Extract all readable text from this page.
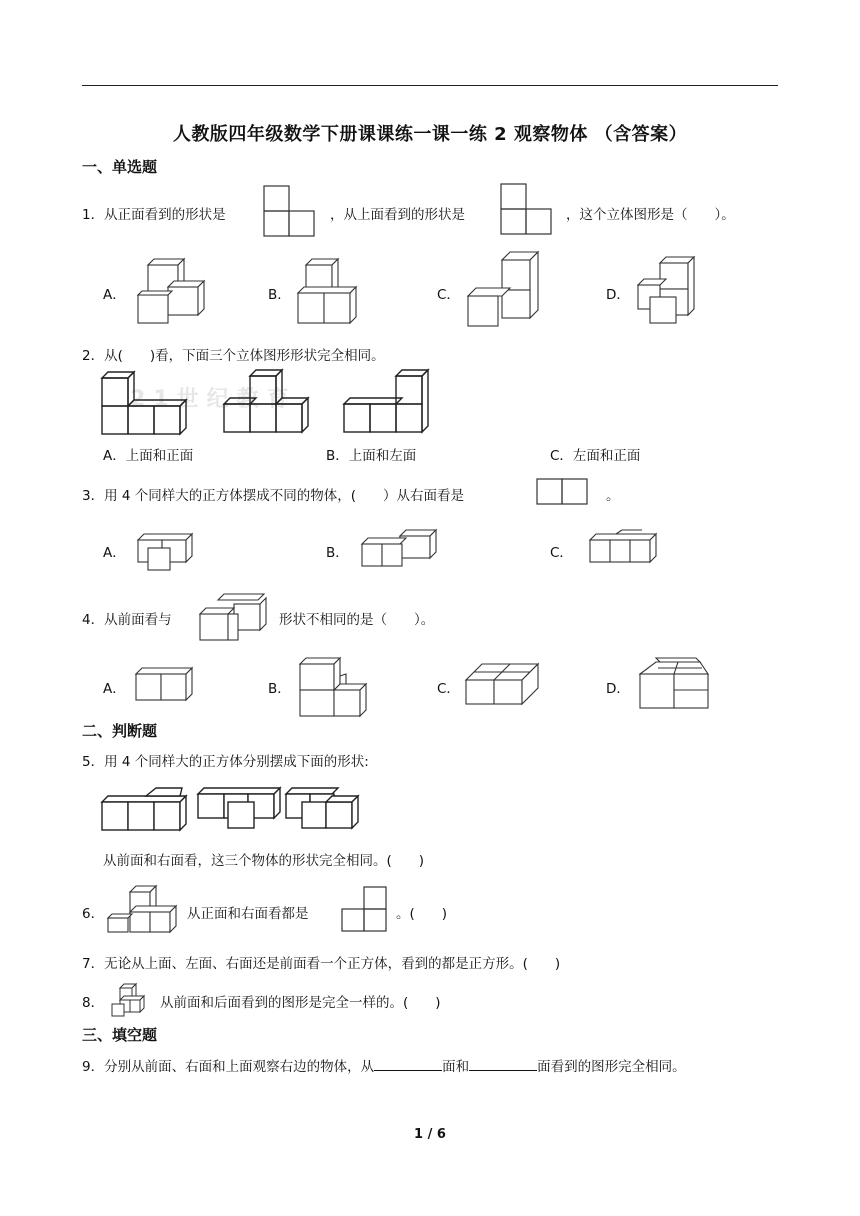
人教版四年级数学下册课课练一课一练 2 观察物体 （含答案）
一、单选题
1．从正面看到的形状是	，从上面看到的形状是	，这个立体图形是（　　）。
A．	B．	C．	D．
2．从(　　)看，下面三个立体图形形状完全相同。
21世纪教育
A．上面和正面	B．上面和左面	C．左面和正面
3．用 4 个同样大的正方体摆成不同的物体，(　　）从右面看是	。
A．	B．	C．
4．从前面看与	形状不相同的是（　　）。
A．	B．	C．	D．
二、判断题
5．用 4 个同样大的正方体分别摆成下面的形状:
从前面和右面看，这三个物体的形状完全相同。(　　)
6．	从正面和右面看都是	。(　　)
7．无论从上面、左面、右面还是前面看一个正方体，看到的都是正方形。(　　)
8．	从前面和后面看到的图形是完全一样的。(　　)
三、填空题
9．分别从前面、右面和上面观察右边的物体，从	面和	面看到的图形完全相同。
1 / 6
